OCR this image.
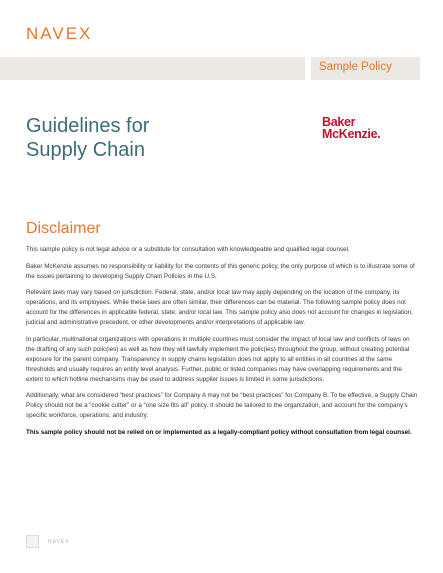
NAVEX
Sample Policy
Guidelines for
Supply Chain
Baker
McKenzie.
Disclaimer

This sample policy is not legal advice or a substitute for consultation with knowledgeable and qualified legal counsel.

Baker McKenzie assumes no responsibility or liability for the contents of this generic policy, the only purpose of which is to illustrate some of the issues pertaining to developing Supply Chain Policies in the U.S.

Relevant laws may vary based on jurisdiction. Federal, state, and/or local law may apply depending on the location of the company, its operations, and its employees. While these laws are often similar, their differences can be material. The following sample policy does not account for the differences in applicable federal, state, and/or local law. This sample policy also does not account for changes in legislation, judicial and administrative precedent, or other developments and/or interpretations of applicable law.

In particular, multinational organizations with operations in multiple countries must consider the impact of local law and conflicts of laws on the drafting of any such polic(ies) as well as how they will lawfully implement the polic(ies) throughout the group, without creating potential exposure for the parent company. Transparency in supply chains legislation does not apply to all entities in all countries at the same thresholds and usually requires an entity level analysis. Further, public or listed companies may have overlapping requirements and the extent to which hotline mechanisms may be used to address supplier issues is limited in some jurisdictions.

Additionally, what are considered “best practices” for Company A may not be “best practices” for Company B. To be effective, a Supply Chain Policy should not be a “cookie cutter” or a “one size fits all” policy. It should be tailored to the organization, and account for the company’s specific workforce, operations, and industry.

This sample policy should not be relied on or implemented as a legally-compliant policy without consultation from legal counsel.

NAVEX
